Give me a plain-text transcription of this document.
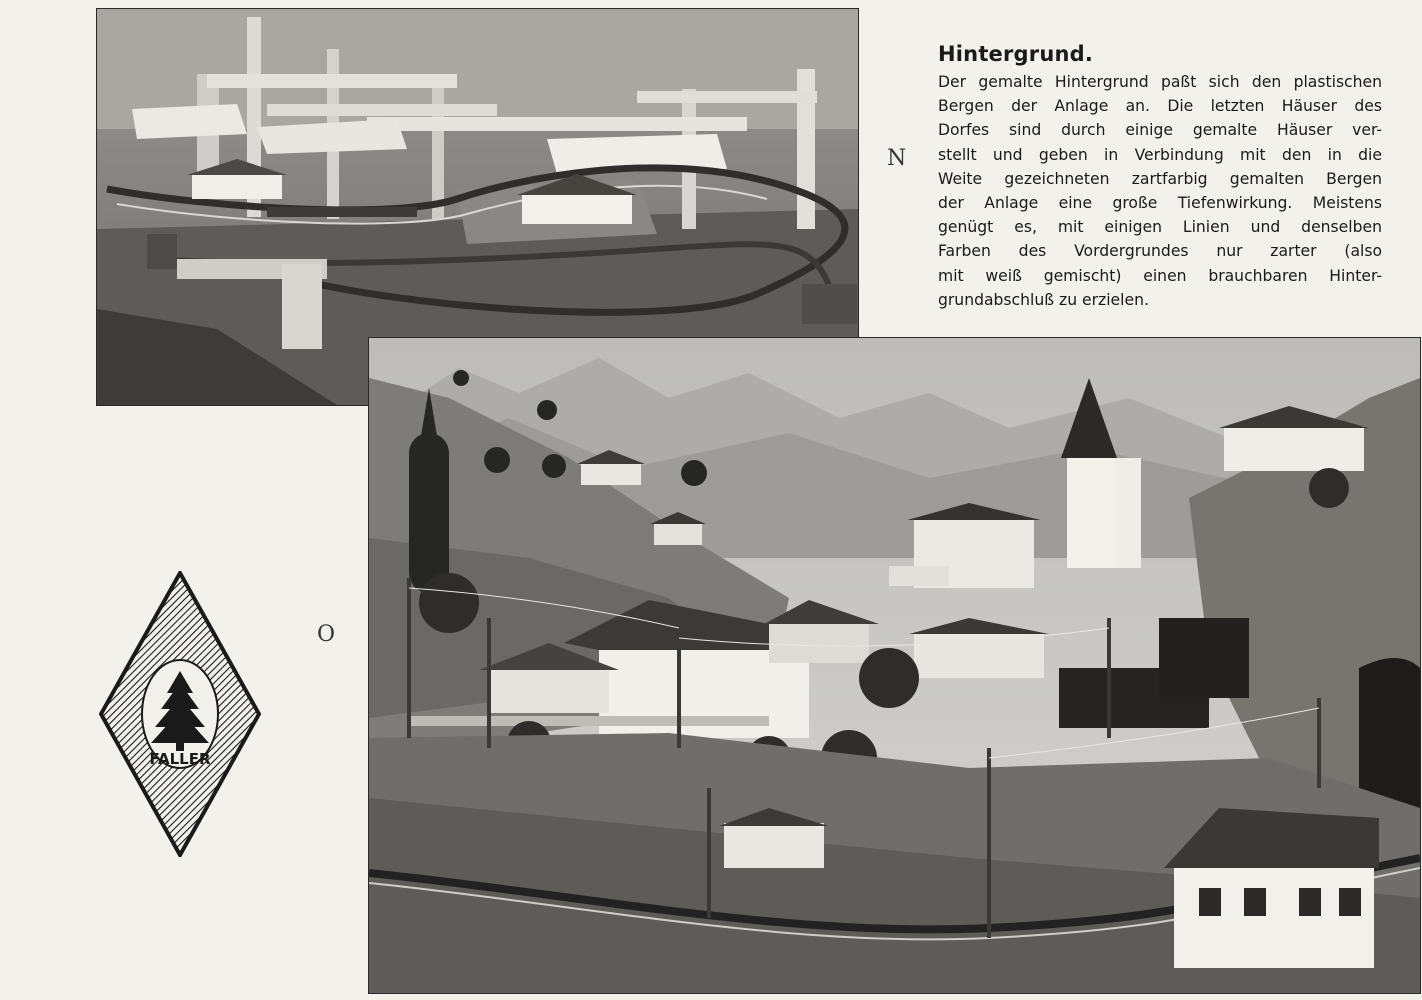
N
O
Hintergrund.

Der gemalte Hintergrund paßt sich den plastischen
Bergen der Anlage an. Die letzten Häuser des
Dorfes sind durch einige gemalte Häuser ver-
stellt und geben in Verbindung mit den in die
Weite gezeichneten zartfarbig gemalten Bergen
der Anlage eine große Tiefenwirkung. Meistens
genügt es, mit einigen Linien und denselben
Farben des Vordergrundes nur zarter (also
mit weiß gemischt) einen brauchbaren Hinter-
grundabschluß zu erzielen.

FALLER
